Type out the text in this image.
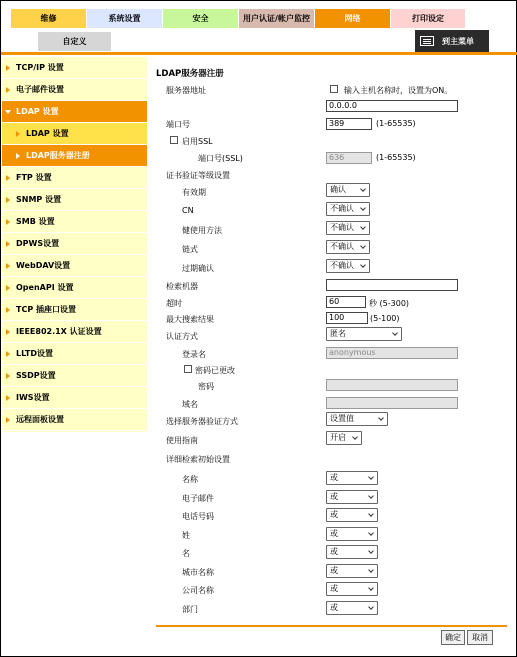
维修	系统设置	安全	用户认证/帐户监控	网络	打印设定
自定义	到主菜单
TCP/IP 设置
电子邮件设置
LDAP 设置
LDAP 设置
LDAP服务器注册
FTP 设置
SNMP 设置
SMB 设置
DPWS设置
WebDAV设置
OpenAPI 设置
TCP 插座口设置
IEEE802.1X 认证设置
LLTD设置
SSDP设置
IWS设置
远程面板设置
LDAP服务器注册
服务器地址	输入主机名称时，设置为ON。
0.0.0.0
端口号	389	(1-65535)
启用SSL
端口号(SSL)	636	(1-65535)
证书验证等级设置
有效期	确认
CN	不确认
健使用方法	不确认
链式	不确认
过期确认	不确认
检索机器
超时	60	秒 (5-300)
最大搜索结果	100	(5-100)
认证方式	匿名
登录名	anonymous
密码已更改
密码
域名
选择服务器验证方式	设置值
使用指南	开启
详细检索初始设置
名称	或
电子邮件	或
电话号码	或
姓	或
名	或
城市名称	或
公司名称	或
部门	或
确定	取消
